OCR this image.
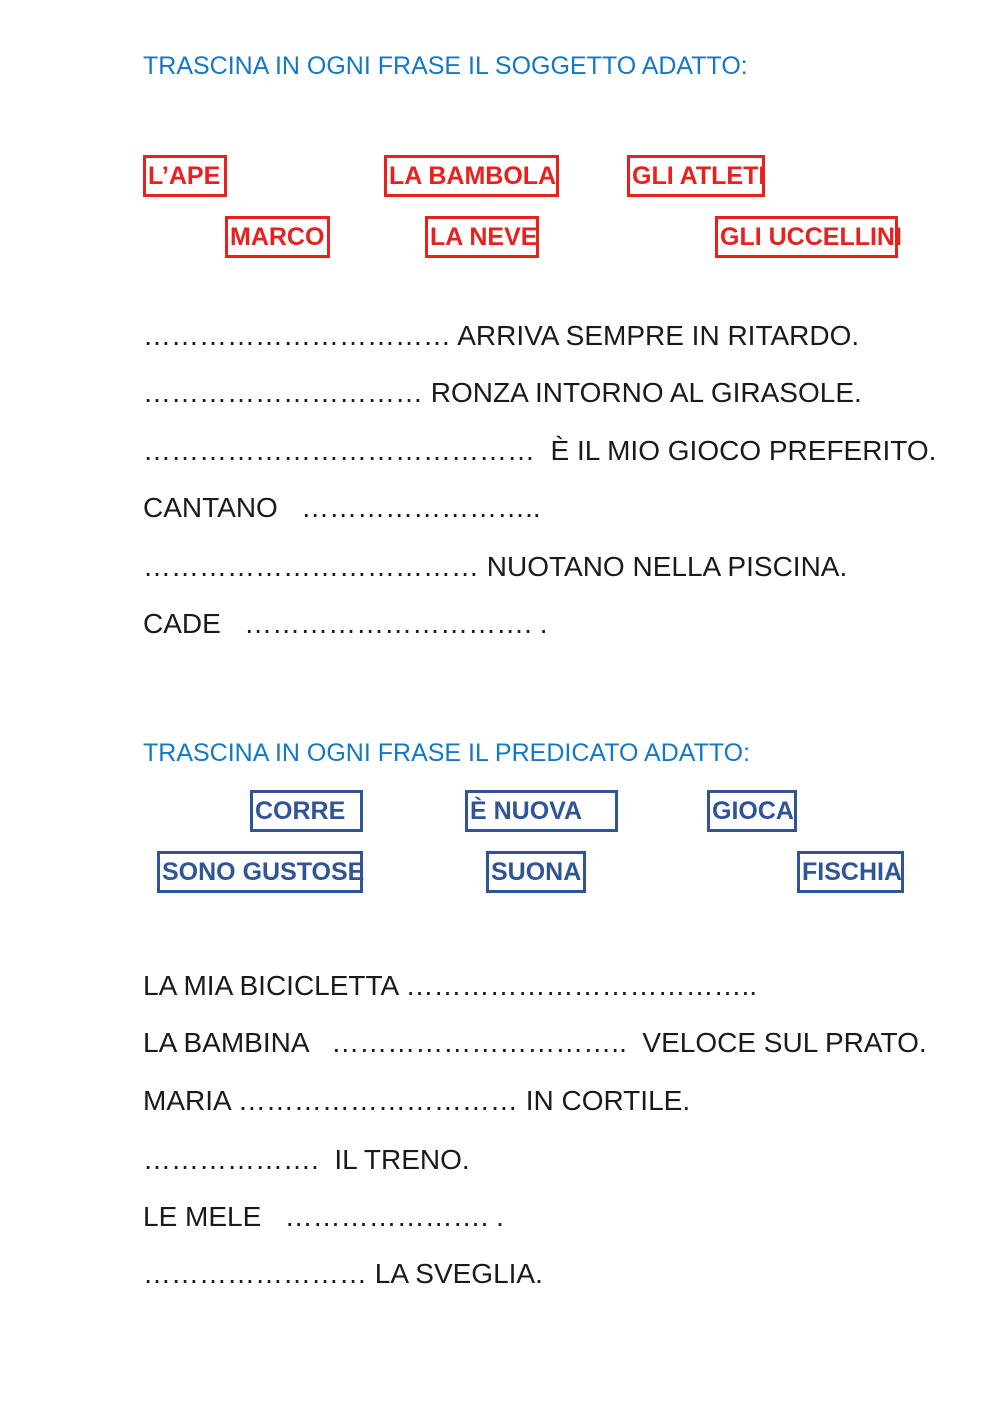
TRASCINA IN OGNI FRASE IL SOGGETTO ADATTO:
L’APE	LA BAMBOLA	GLI ATLETI
MARCO	LA NEVE	GLI UCCELLINI
…………………………… ARRIVA SEMPRE IN RITARDO.
………………………… RONZA INTORNO AL GIRASOLE.
……………………………………  È IL MIO GIOCO PREFERITO.
CANTANO   ……………………..
……………………………… NUOTANO NELLA PISCINA.
CADE   …………………………. .
TRASCINA IN OGNI FRASE IL PREDICATO ADATTO:
CORRE	È NUOVA	GIOCA
SONO GUSTOSE	SUONA	FISCHIA
LA MIA BICICLETTA ………………………………..
LA BAMBINA   …………………………..  VELOCE SUL PRATO.
MARIA ………………………… IN CORTILE.
……………….  IL TRENO.
LE MELE   …………………. .
…………………… LA SVEGLIA.
